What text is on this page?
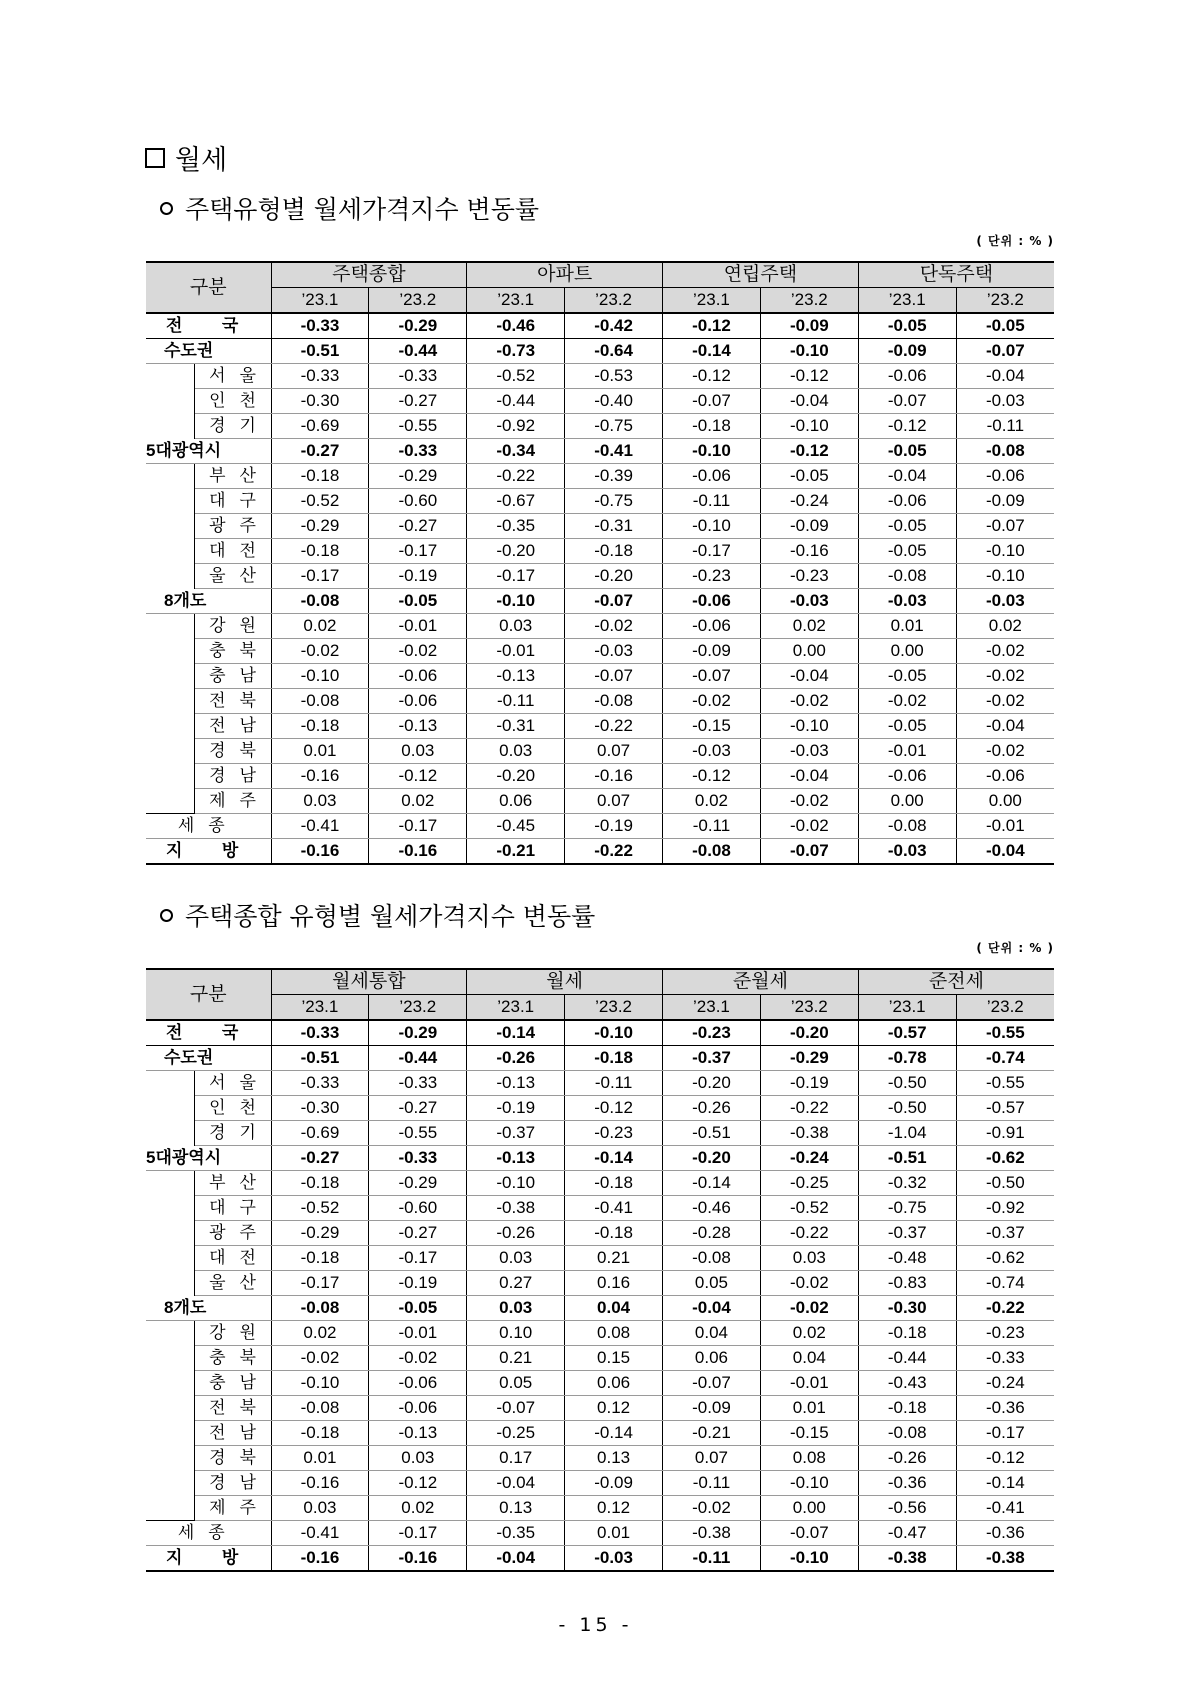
월세
주택유형별 월세가격지수 변동률
( 단위 : % )
구분		주택종합		아파트		연립주택		단독주택	
		’23.1	’23.2	’23.1	’23.2	’23.1	’23.2	’23.1	’23.2
전  국		-0.33	-0.29	-0.46	-0.42	-0.12	-0.09	-0.05	-0.05
수도권		-0.51	-0.44	-0.73	-0.64	-0.14	-0.10	-0.09	-0.07
	서울	-0.33	-0.33	-0.52	-0.53	-0.12	-0.12	-0.06	-0.04
	인천	-0.30	-0.27	-0.44	-0.40	-0.07	-0.04	-0.07	-0.03
	경기	-0.69	-0.55	-0.92	-0.75	-0.18	-0.10	-0.12	-0.11
5대광역시		-0.27	-0.33	-0.34	-0.41	-0.10	-0.12	-0.05	-0.08
	부산	-0.18	-0.29	-0.22	-0.39	-0.06	-0.05	-0.04	-0.06
	대구	-0.52	-0.60	-0.67	-0.75	-0.11	-0.24	-0.06	-0.09
	광주	-0.29	-0.27	-0.35	-0.31	-0.10	-0.09	-0.05	-0.07
	대전	-0.18	-0.17	-0.20	-0.18	-0.17	-0.16	-0.05	-0.10
	울산	-0.17	-0.19	-0.17	-0.20	-0.23	-0.23	-0.08	-0.10
8개도		-0.08	-0.05	-0.10	-0.07	-0.06	-0.03	-0.03	-0.03
	강원	0.02	-0.01	0.03	-0.02	-0.06	0.02	0.01	0.02
	충북	-0.02	-0.02	-0.01	-0.03	-0.09	0.00	0.00	-0.02
	충남	-0.10	-0.06	-0.13	-0.07	-0.07	-0.04	-0.05	-0.02
	전북	-0.08	-0.06	-0.11	-0.08	-0.02	-0.02	-0.02	-0.02
	전남	-0.18	-0.13	-0.31	-0.22	-0.15	-0.10	-0.05	-0.04
	경북	0.01	0.03	0.03	0.07	-0.03	-0.03	-0.01	-0.02
	경남	-0.16	-0.12	-0.20	-0.16	-0.12	-0.04	-0.06	-0.06
	제주	0.03	0.02	0.06	0.07	0.02	-0.02	0.00	0.00
세종		-0.41	-0.17	-0.45	-0.19	-0.11	-0.02	-0.08	-0.01
지  방		-0.16	-0.16	-0.21	-0.22	-0.08	-0.07	-0.03	-0.04
주택종합 유형별 월세가격지수 변동률
( 단위 : % )
구분		월세통합		월세		준월세		준전세	
		’23.1	’23.2	’23.1	’23.2	’23.1	’23.2	’23.1	’23.2
전  국		-0.33	-0.29	-0.14	-0.10	-0.23	-0.20	-0.57	-0.55
수도권		-0.51	-0.44	-0.26	-0.18	-0.37	-0.29	-0.78	-0.74
	서울	-0.33	-0.33	-0.13	-0.11	-0.20	-0.19	-0.50	-0.55
	인천	-0.30	-0.27	-0.19	-0.12	-0.26	-0.22	-0.50	-0.57
	경기	-0.69	-0.55	-0.37	-0.23	-0.51	-0.38	-1.04	-0.91
5대광역시		-0.27	-0.33	-0.13	-0.14	-0.20	-0.24	-0.51	-0.62
	부산	-0.18	-0.29	-0.10	-0.18	-0.14	-0.25	-0.32	-0.50
	대구	-0.52	-0.60	-0.38	-0.41	-0.46	-0.52	-0.75	-0.92
	광주	-0.29	-0.27	-0.26	-0.18	-0.28	-0.22	-0.37	-0.37
	대전	-0.18	-0.17	0.03	0.21	-0.08	0.03	-0.48	-0.62
	울산	-0.17	-0.19	0.27	0.16	0.05	-0.02	-0.83	-0.74
8개도		-0.08	-0.05	0.03	0.04	-0.04	-0.02	-0.30	-0.22
	강원	0.02	-0.01	0.10	0.08	0.04	0.02	-0.18	-0.23
	충북	-0.02	-0.02	0.21	0.15	0.06	0.04	-0.44	-0.33
	충남	-0.10	-0.06	0.05	0.06	-0.07	-0.01	-0.43	-0.24
	전북	-0.08	-0.06	-0.07	0.12	-0.09	0.01	-0.18	-0.36
	전남	-0.18	-0.13	-0.25	-0.14	-0.21	-0.15	-0.08	-0.17
	경북	0.01	0.03	0.17	0.13	0.07	0.08	-0.26	-0.12
	경남	-0.16	-0.12	-0.04	-0.09	-0.11	-0.10	-0.36	-0.14
	제주	0.03	0.02	0.13	0.12	-0.02	0.00	-0.56	-0.41
세종		-0.41	-0.17	-0.35	0.01	-0.38	-0.07	-0.47	-0.36
지  방		-0.16	-0.16	-0.04	-0.03	-0.11	-0.10	-0.38	-0.38
- 15 -
